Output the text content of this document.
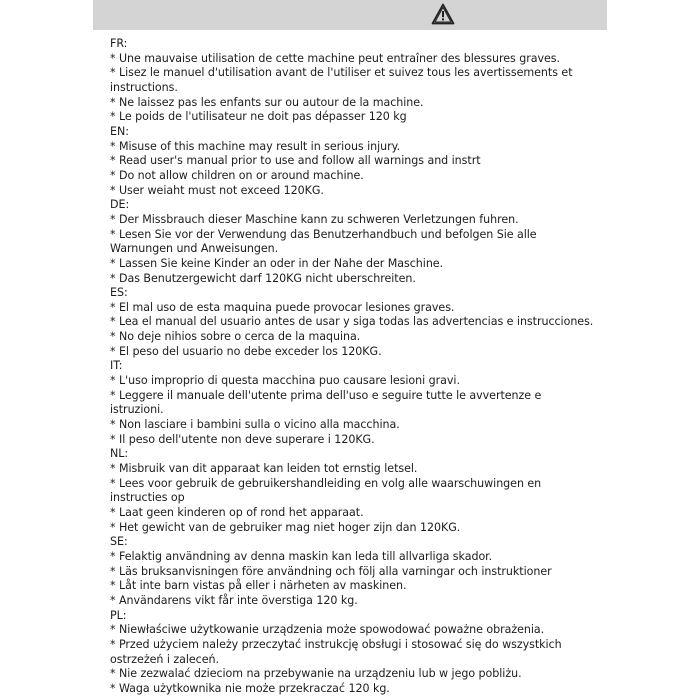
FR:
* Une mauvaise utilisation de cette machine peut entraîner des blessures graves.
* Lisez le manuel d'utilisation avant de l'utiliser et suivez tous les avertissements et
instructions.
* Ne laissez pas les enfants sur ou autour de la machine.
* Le poids de l'utilisateur ne doit pas dépasser 120 kg
EN:
* Misuse of this machine may result in serious injury.
* Read user's manual prior to use and follow all warnings and instrt
* Do not allow children on or around machine.
* User weiaht must not exceed 120KG.
DE:
* Der Missbrauch dieser Maschine kann zu schweren Verletzungen fuhren.
* Lesen Sie vor der Verwendung das Benutzerhandbuch und befolgen Sie alle
Warnungen und Anweisungen.
* Lassen Sie keine Kinder an oder in der Nahe der Maschine.
* Das Benutzergewicht darf 120KG nicht uberschreiten.
ES:
* El mal uso de esta maquina puede provocar lesiones graves.
* Lea el manual del usuario antes de usar y siga todas las advertencias e instrucciones.
* No deje nihios sobre o cerca de la maquina.
* El peso del usuario no debe exceder los 120KG.
IT:
* L'uso improprio di questa macchina puo causare lesioni gravi.
* Leggere il manuale dell'utente prima dell'uso e seguire tutte le avvertenze e
istruzioni.
* Non lasciare i bambini sulla o vicino alla macchina.
* Il peso dell'utente non deve superare i 120KG.
NL:
* Misbruik van dit apparaat kan leiden tot ernstig letsel.
* Lees voor gebruik de gebruikershandleiding en volg alle waarschuwingen en
instructies op
* Laat geen kinderen op of rond het apparaat.
* Het gewicht van de gebruiker mag niet hoger zijn dan 120KG.
SE:
* Felaktig användning av denna maskin kan leda till allvarliga skador.
* Läs bruksanvisningen före användning och följ alla varningar och instruktioner
* Låt inte barn vistas på eller i närheten av maskinen.
* Användarens vikt får inte överstiga 120 kg.
PL:
* Niewłaściwe użytkowanie urządzenia może spowodować poważne obrażenia.
* Przed użyciem należy przeczytać instrukcję obsługi i stosować się do wszystkich
ostrzeżeń i zaleceń.
* Nie zezwalać dzieciom na przebywanie na urządzeniu lub w jego pobliżu.
* Waga użytkownika nie może przekraczać 120 kg.
